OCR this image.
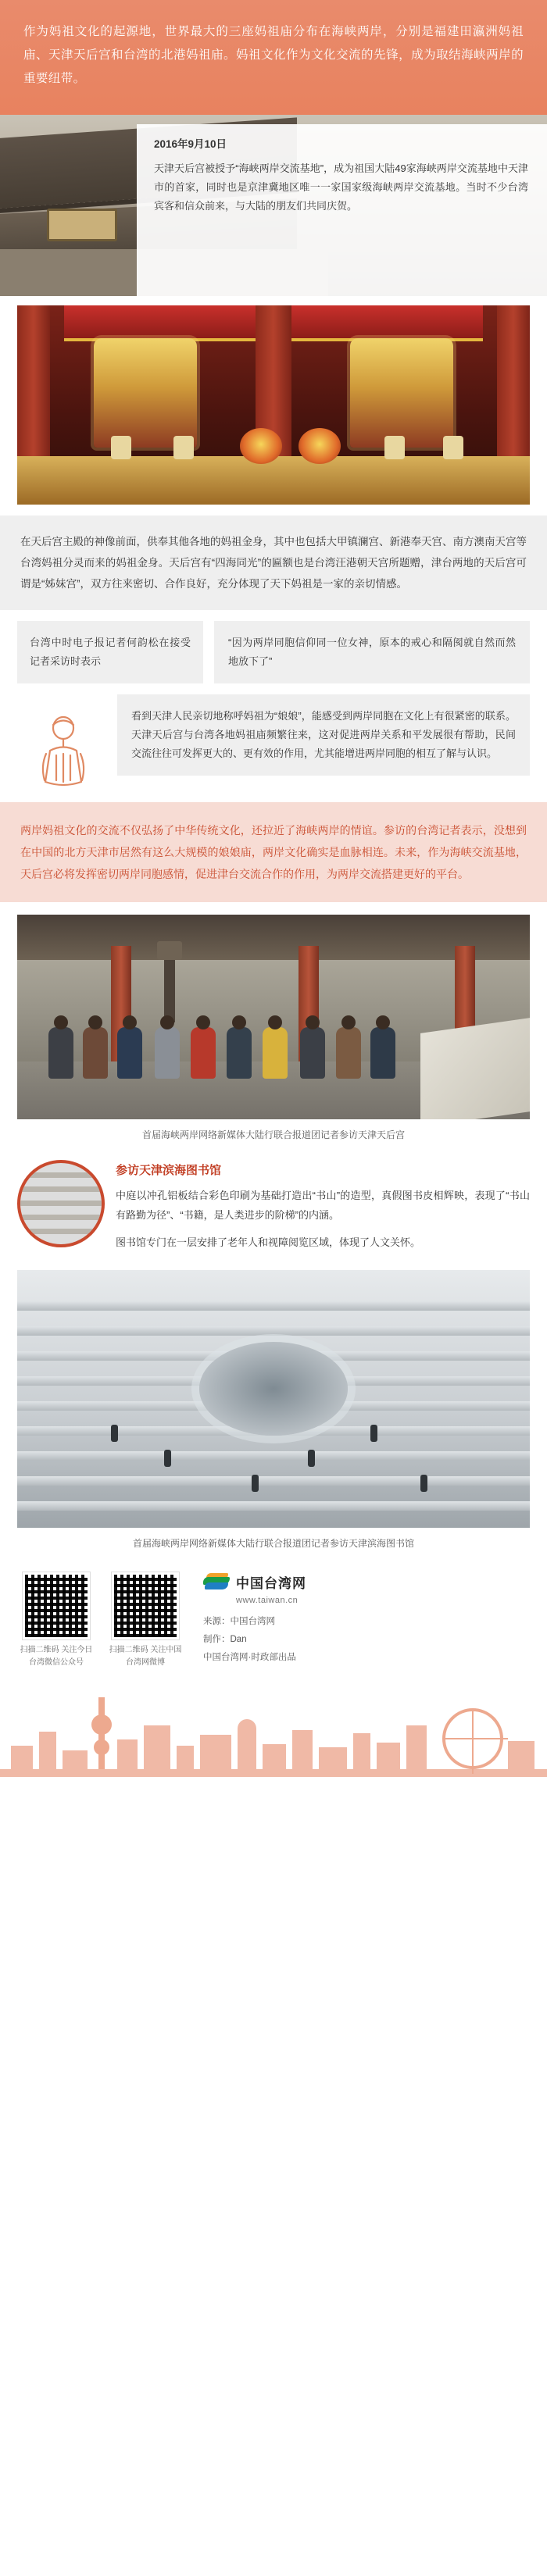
作为妈祖文化的起源地，世界最大的三座妈祖庙分布在海峡两岸，分别是福建田瀛洲妈祖庙、天津天后宫和台湾的北港妈祖庙。妈祖文化作为文化交流的先锋，成为取结海峡两岸的重要纽带。
2016年9月10日
天津天后宫被授予“海峡两岸交流基地”，成为祖国大陆49家海峡两岸交流基地中天津市的首家，同时也是京津冀地区唯一一家国家级海峡两岸交流基地。当时不少台湾宾客和信众前来，与大陆的朋友们共同庆贺。
在天后宫主殿的神像前面，供奉其他各地的妈祖金身，其中也包括大甲镇澜宫、新港奉天宫、南方澳南天宫等台湾妈祖分灵而来的妈祖金身。天后宫有“四海同光”的匾额也是台湾汪港朝天宫所题赠，津台两地的天后宫可谓是“姊妹宫”，双方往来密切、合作良好，充分体现了天下妈祖是一家的亲切情感。
台湾中时电子报记者何韵松在接受记者采访时表示
“因为两岸同胞信仰同一位女神，原本的戒心和隔阂就自然而然地放下了”
看到天津人民亲切地称呼妈祖为“娘娘”，能感受到两岸同胞在文化上有很紧密的联系。天津天后宫与台湾各地妈祖庙频繁往来，这对促进两岸关系和平发展很有帮助，民间交流往往可发挥更大的、更有效的作用，尤其能增进两岸同胞的相互了解与认识。
两岸妈祖文化的交流不仅弘扬了中华传统文化，还拉近了海峡两岸的情谊。参访的台湾记者表示，没想到在中国的北方天津市居然有这么大规模的娘娘庙，两岸文化确实是血脉相连。未来，作为海峡交流基地，天后宫必将发挥密切两岸同胞感情，促进津台交流合作的作用，为两岸交流搭建更好的平台。
首届海峡两岸网络新媒体大陆行联合报道团记者参访天津天后宫
参访天津滨海图书馆

中庭以冲孔铝板结合彩色印刷为基础打造出“书山”的造型，真假图书皮相辉映，表现了“书山有路勤为径”、“书籍，是人类进步的阶梯”的内涵。

图书馆专门在一层安排了老年人和视障阅览区域，体现了人文关怀。

首届海峡两岸网络新媒体大陆行联合报道团记者参访天津滨海图书馆
扫描二维码 关注今日台湾微信公众号
扫描二维码 关注中国台湾网微博
中国台湾网
www.taiwan.cn
来源：中国台湾网
制作：Dan
中国台湾网·时政部出品
